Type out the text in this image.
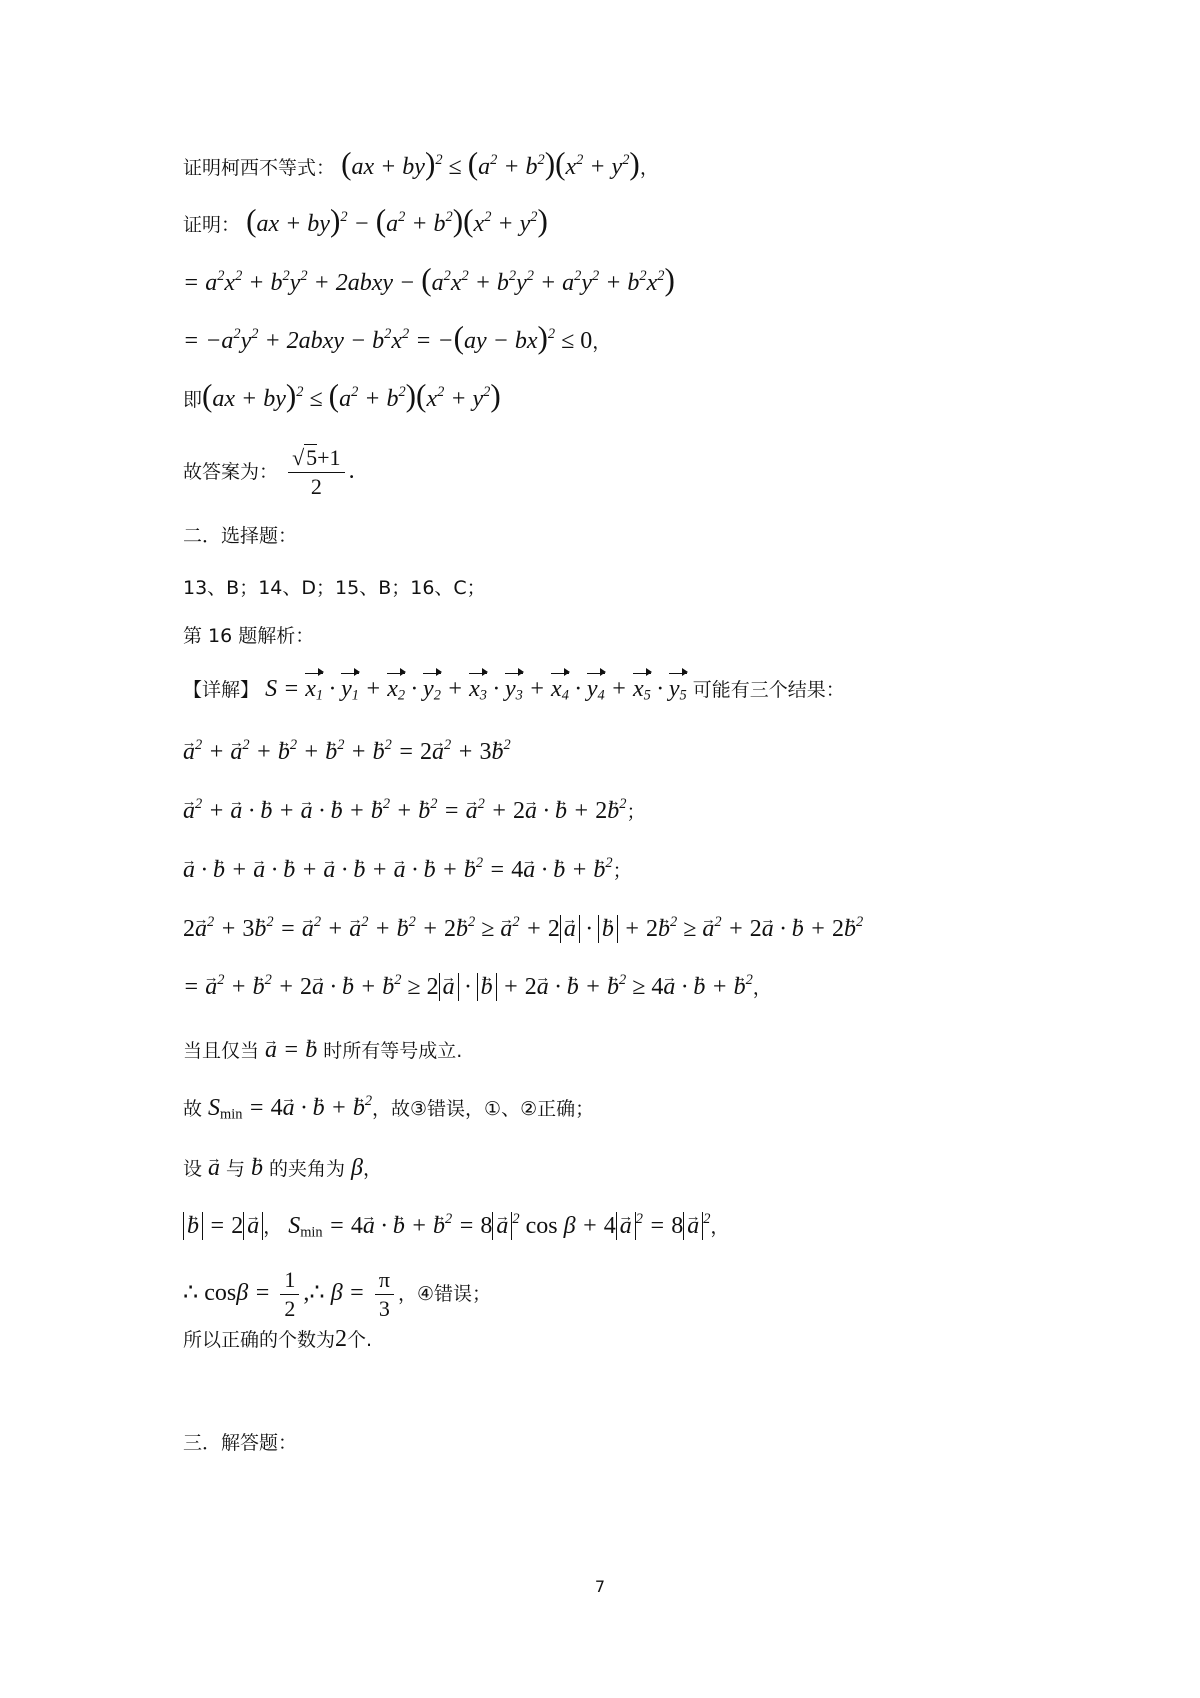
证明柯西不等式： $(ax + by)^2 \le (a^2 + b^2)(x^2 + y^2)$，
证明： $(ax + by)^2 - (a^2 + b^2)(x^2 + y^2)$
= $a^2x^2 + b^2y^2$ + 2abxy − $(a^2x^2 + b^2y^2 + a^2y^2 + b^2x^2)$
= $-a^2y^2$ + 2abxy − $b^2x^2 = -(ay - bx)^2 \le 0$，
即$(ax + by)^2 \le (a^2 + b^2)(x^2 + y^2)$
故答案为： $\frac{√5+1}{2}$ .
二．选择题：
13、B；14、D；15、B；16、C；
第 16 题解析：
【详解】 $S = x_1 \cdot y_1 + x_2 \cdot y_2 + x_3 \cdot y_3 + x_4 \cdot y_4 + x_5 \cdot y_5$ 可能有三个结果：
→ $a^2$ + → $a^2$ + → $b^2$ + → $b^2$ + → $b^2 = 2\to a^2 + 3\to b^2$
→ $a^2$ + → a · → b + → a · → b + → $b^2$ + → $b^2$ = → $a^2 + 2\to a$ · → $b + 2\to b^2$；
→ a · → b + → a · → b + → a · → b + → a · → b + → $b^2 = 4\to a$ · → b + → $b^2$；
$2\to a^2 + 3\to b^2$ = → $a^2$ + → $a^2$ + → $b^2 + 2\to b^2$ ≥ → $a^2 + 2 \to a$ · → $b + 2\to b^2$ ≥ → $a^2 + 2\to a$ · → $b + 2\to b^2$
= → $a^2$ + → $b^2 + 2\to a$ · → b + → $b^2 \ge 2 \to a$ · → b + 2→ a · → b + → $b^2 \ge 4\to a$ · → b + → $b^2$，
当且仅当 → a = → b 时所有等号成立.
故 $S_{min} = 4\to a$ · → b + → $b^2$，故③错误，①、②正确；
设 → a 与 → b 的夹角为 β，
→ b = 2 → a ， $S_{min} = 4\to a$ · → b + → $b^2 = 8 \to a$ $^2$ cos β + 4 → a $^2$ = 8 → a $^2$，
∴ $\cos\beta = \frac{1}{2}$ ,∴ $\beta = \frac{\pi}{3}$ ，④错误；
所以正确的个数为2个.
三．解答题：
7
